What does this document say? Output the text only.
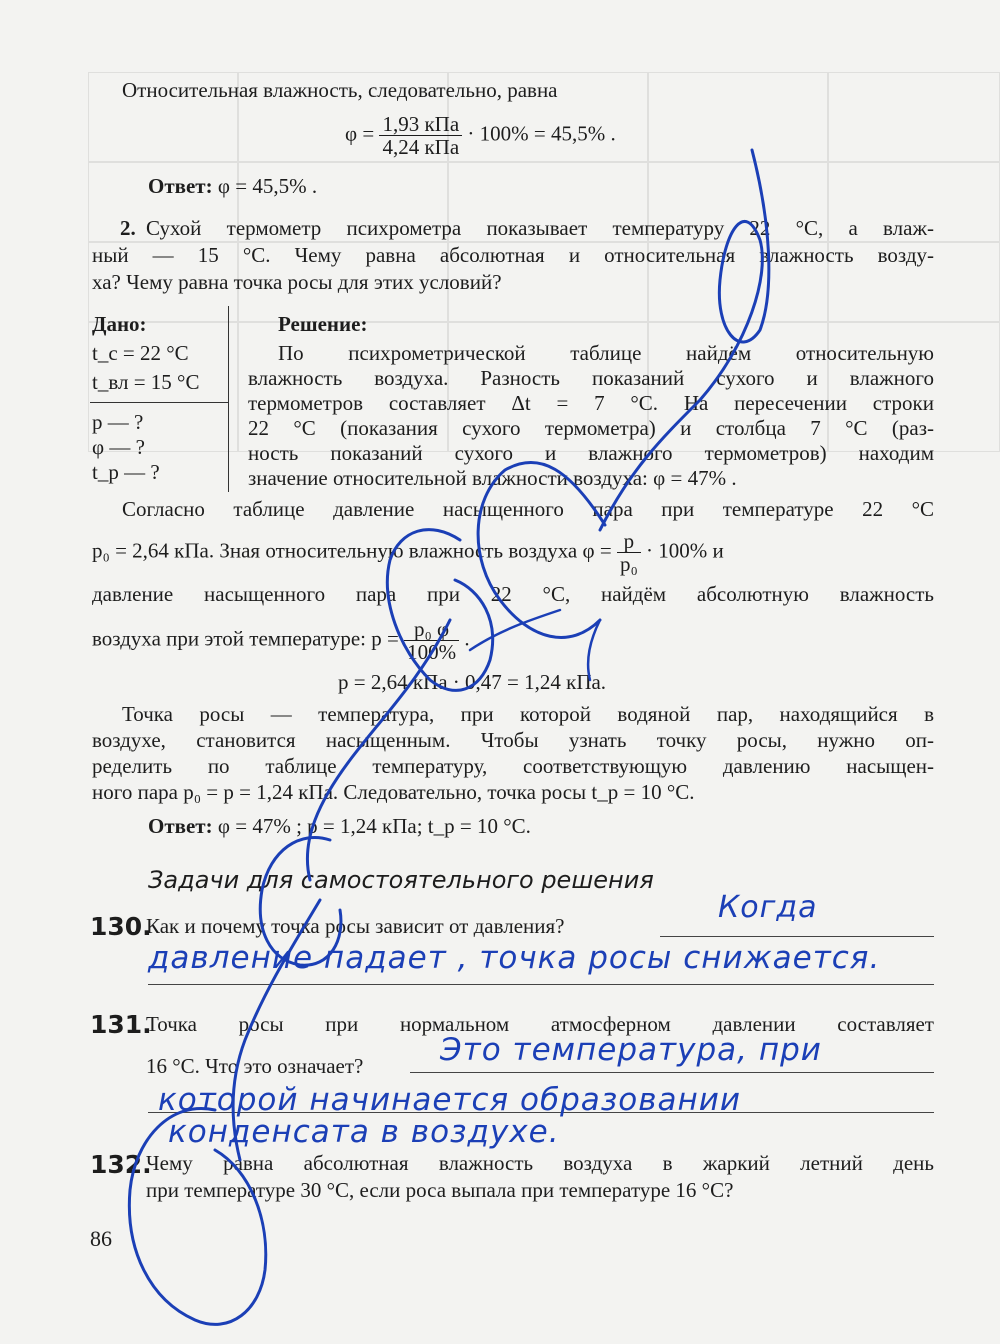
Относительная влажность, следовательно, равна
$\varphi = \frac{\text{1,93 кПа}}{\text{4,24 кПа}} \cdot 100\% = 45,5\%$ .
Ответ: φ = 45,5% .
2. Сухой термометр психрометра показывает температуру 22 °C, а влаж-
ный — 15 °C. Чему равна абсолютная и относительная влажность возду-
ха? Чему равна точка росы для этих условий?
Дано:
t_с = 22 °C
t_вл = 15 °C
p — ?
φ — ?
t_р — ?
Решение:
По психрометрической таблице найдём относительную
влажность воздуха. Разность показаний сухого и влажного
термометров составляет Δt = 7 °C. На пересечении строки
22 °C (показания сухого термометра) и столбца 7 °C (раз-
ность показаний сухого и влажного термометров) находим
значение относительной влажности воздуха: φ = 47% .
Согласно таблице давление насыщенного пара при температуре 22 °C
p₀ = 2,64 кПа. Зная относительную влажность воздуха $\varphi = \frac{p}{\text{p₀}} \cdot 100\%$ и
давление насыщенного пара при 22 °C, найдём абсолютную влажность
воздуха при этой температуре: $p = \frac{\text{p₀ φ}}{100\%}$ .
p = 2,64 кПа · 0,47 = 1,24 кПа.
Точка росы — температура, при которой водяной пар, находящийся в
воздухе, становится насыщенным. Чтобы узнать точку росы, нужно оп-
ределить по таблице температуру, соответствующую давлению насыщен-
ного пара p₀ = p = 1,24 кПа. Следовательно, точка росы t_р = 10 °C.
Ответ: φ = 47% ; p = 1,24 кПа; t_р = 10 °C.
Задачи для самостоятельного решения
130.
Как и почему точка росы зависит от давления?
Когда
давление падает , точка росы снижается.
131.
Точка росы при нормальном атмосферном давлении составляет
16 °C. Что это означает? Это температура, при
которой начинается образовании
конденсата в воздухе.
132.
Чему равна абсолютная влажность воздуха в жаркий летний день
при температуре 30 °C, если роса выпала при температуре 16 °C?
86
